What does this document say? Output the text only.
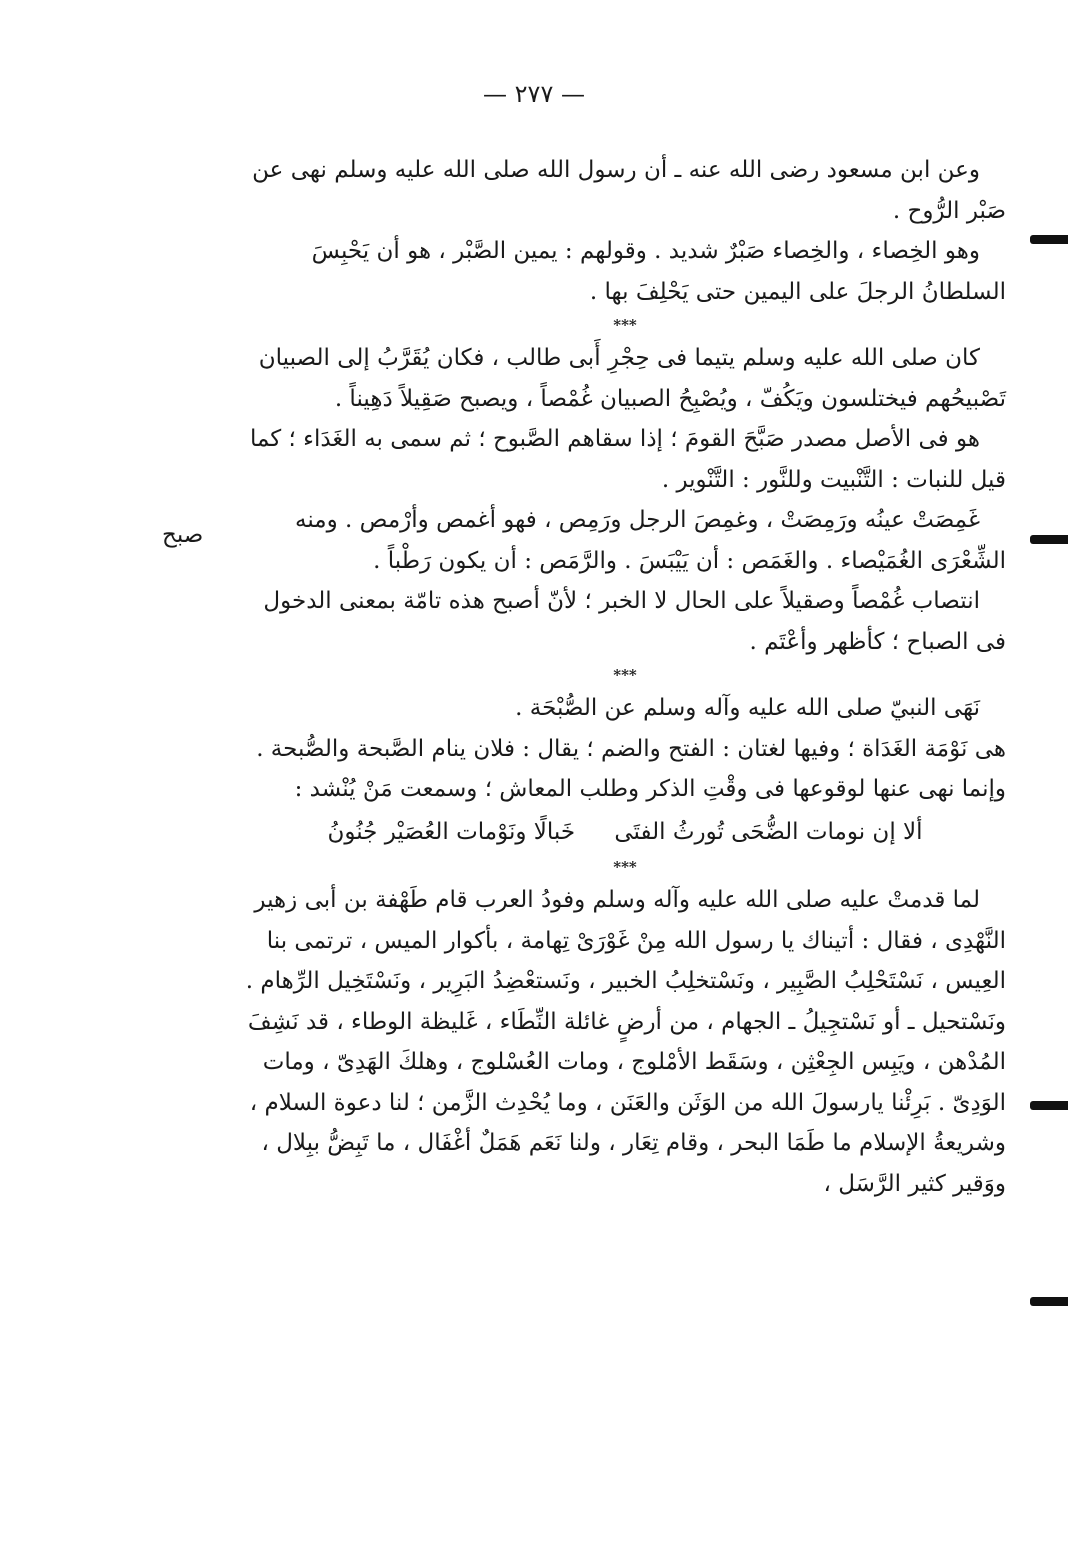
— ٢٧٧ —
صبح

وعن ابن مسعود رضى الله عنه ـ أن رسول الله صلى الله عليه وسلم نهى عن صَبْر الرُّوح .

وهو الخِصاء ، والخِصاء صَبْرٌ شديد . وقولهم : يمين الصَّبْر ، هو أن يَحْبِسَ السلطانُ الرجلَ على اليمين حتى يَحْلِفَ بها .

***

كان صلى الله عليه وسلم يتيما فى حِجْرِ أَبى طالب ، فكان يُقَرَّبُ إلى الصبيان تَصْبيحُهم فيختلسون ويَكُفّ ، ويُصْبِحُ الصبيان غُمْصاً ، ويصبح صَقِيلاً دَهِيناً .

هو فى الأصل مصدر صَبَّحَ القومَ ؛ إذا سقاهم الصَّبوح ؛ ثم سمى به الغَدَاء ؛ كما قيل للنبات : التَّنْبيت وللنَّور : التَّنْوير .

غَمِصَتْ عينُه ورَمِصَتْ ، وغمِصَ الرجل ورَمِص ، فهو أغمص وأرْمص . ومنه الشِّعْرَى الغُمَيْصاء . والغَمَص : أن يَيْبَسَ . والرَّمَص : أن يكون رَطْباً .

انتصاب غُمْصاً وصقيلاً على الحال لا الخبر ؛ لأنّ أصبح هذه تامّة بمعنى الدخول فى الصباح ؛ كأظهر وأعْتَم .

***

نَهَى النبيّ صلى الله عليه وآله وسلم عن الصُّبْحَة .

هى نَوْمَة الغَدَاة ؛ وفيها لغتان : الفتح والضم ؛ يقال : فلان ينام الصَّبحة والصُّبحة . وإنما نهى عنها لوقوعها فى وقْتِ الذكر وطلب المعاش ؛ وسمعت مَنْ يُنْشد :

ألا إن نومات الضُّحَى تُورثُ الفتَى خَبالًا ونَوْمات العُصَيْر جُنُونُ

***

لما قدمتْ عليه صلى الله عليه وآله وسلم وفودُ العرب قام طَهْفة بن أبى زهير النَّهْدِى ، فقال : أتيناك يا رسول الله مِنْ غَوْرَىْ تِهامة ، بأكوار الميس ، ترتمى بنا العِيس ، نَسْتَحْلِبُ الصَّبِير ، ونَسْتخلِبُ الخبير ، ونَستعْضِدُ البَرِير ، ونَسْتَخِيل الرِّهام . ونَسْتحيل ـ أو نَسْتجِيلُ ـ الجهام ، من أرضٍ غائلة النِّطَاء ، غَليظة الوطاء ، قد نَشِفَ المُدْهن ، ويَبِس الجِعْثِن ، وسَقَط الأمْلوج ، ومات العُسْلوج ، وهلكَ الهَدِىّ ، ومات الوَدِىّ . بَرِئْنا يارسولَ الله من الوَثَن والعَنَن ، وما يُحْدِث الزَّمن ؛ لنا دعوة السلام ، وشريعةُ الإسلام ما طَمَا البحر ، وقام تِعَار ، ولنا نَعَم هَمَلٌ أغْفَال ، ما تَبِضُّ ببِلال ، ووَقير كثير الرَّسَل ،
